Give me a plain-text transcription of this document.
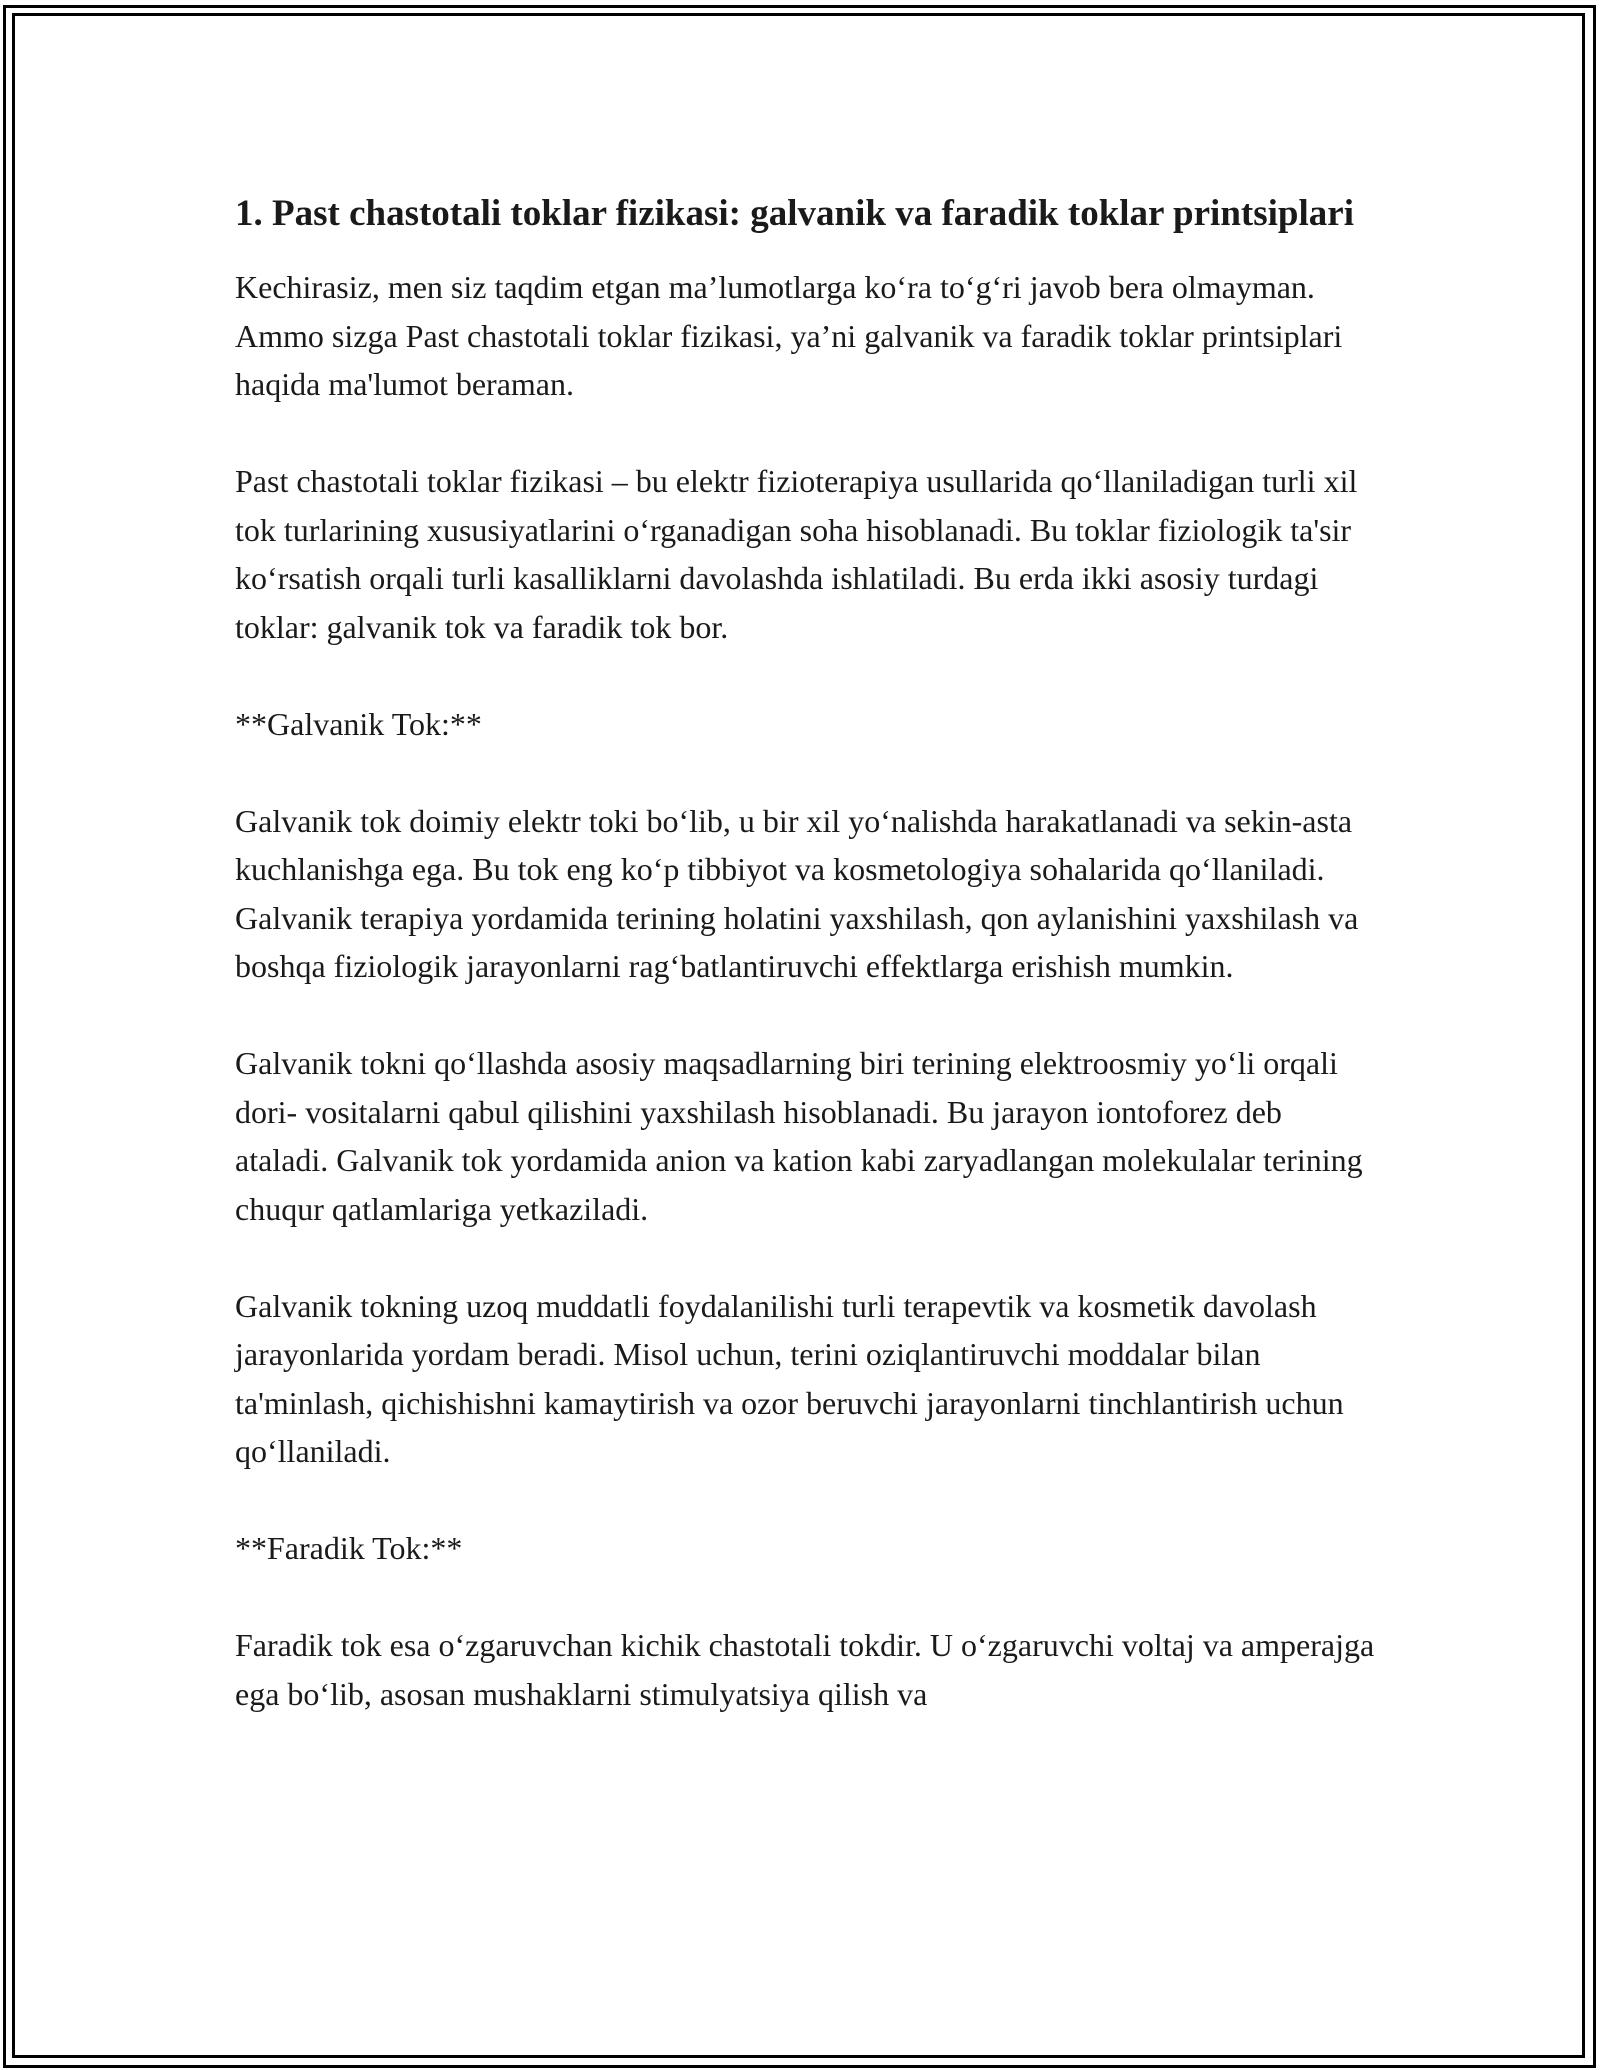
1. Past chastotali toklar fizikasi: galvanik va faradik toklar printsiplari

Kechirasiz, men siz taqdim etgan ma’lumotlarga ko‘ra to‘g‘ri javob bera olmayman. Ammo sizga Past chastotali toklar fizikasi, ya’ni galvanik va faradik toklar printsiplari haqida ma'lumot beraman.

Past chastotali toklar fizikasi – bu elektr fizioterapiya usullarida qo‘llaniladigan turli xil tok turlarining xususiyatlarini o‘rganadigan soha hisoblanadi. Bu toklar fiziologik ta'sir ko‘rsatish orqali turli kasalliklarni davolashda ishlatiladi. Bu erda ikki asosiy turdagi toklar: galvanik tok va faradik tok bor.

**Galvanik Tok:**

Galvanik tok doimiy elektr toki bo‘lib, u bir xil yo‘nalishda harakatlanadi va sekin-asta kuchlanishga ega. Bu tok eng ko‘p tibbiyot va kosmetologiya sohalarida qo‘llaniladi. Galvanik terapiya yordamida terining holatini yaxshilash, qon aylanishini yaxshilash va boshqa fiziologik jarayonlarni rag‘batlantiruvchi effektlarga erishish mumkin.

Galvanik tokni qo‘llashda asosiy maqsadlarning biri terining elektroosmiy yo‘li orqali dori- vositalarni qabul qilishini yaxshilash hisoblanadi. Bu jarayon iontoforez deb ataladi. Galvanik tok yordamida anion va kation kabi zaryadlangan molekulalar terining chuqur qatlamlariga yetkaziladi.

Galvanik tokning uzoq muddatli foydalanilishi turli terapevtik va kosmetik davolash jarayonlarida yordam beradi. Misol uchun, terini oziqlantiruvchi moddalar bilan ta'minlash, qichishishni kamaytirish va ozor beruvchi jarayonlarni tinchlantirish uchun qo‘llaniladi.

**Faradik Tok:**

Faradik tok esa o‘zgaruvchan kichik chastotali tokdir. U o‘zgaruvchi voltaj va amperajga ega bo‘lib, asosan mushaklarni stimulyatsiya qilish va
